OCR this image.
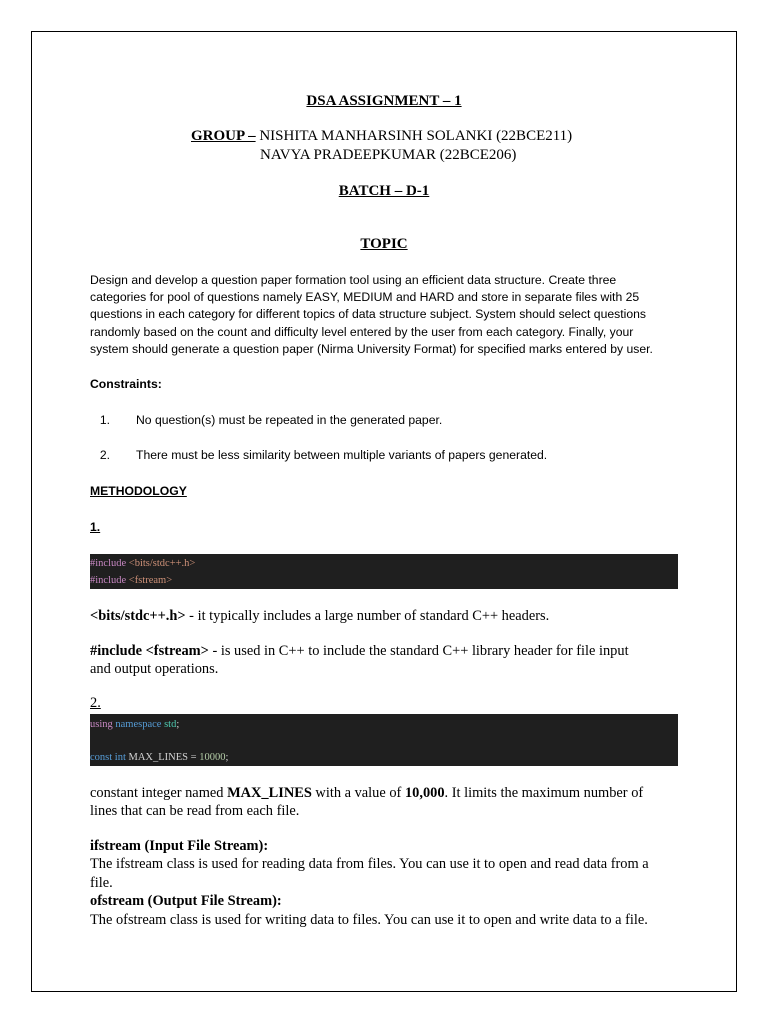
DSA ASSIGNMENT – 1
GROUP – NISHITA MANHARSINH SOLANKI (22BCE211)
NAVYA PRADEEPKUMAR (22BCE206)
BATCH – D-1
TOPIC
Design and develop a question paper formation tool using an efficient data structure. Create three
categories for pool of questions namely EASY, MEDIUM and HARD and store in separate files with 25
questions in each category for different topics of data structure subject. System should select questions
randomly based on the count and difficulty level entered by the user from each category. Finally, your
system should generate a question paper (Nirma University Format) for specified marks entered by user.
Constraints:
1. No question(s) must be repeated in the generated paper.
2. There must be less similarity between multiple variants of papers generated.
METHODOLOGY
1.
#include <bits/stdc++.h>
#include <fstream>
<bits/stdc++.h> - it typically includes a large number of standard C++ headers.
#include <fstream> - is used in C++ to include the standard C++ library header for file input
and output operations.
2.
using namespace std;
const int MAX_LINES = 10000;
constant integer named MAX_LINES with a value of 10,000. It limits the maximum number of
lines that can be read from each file.
ifstream (Input File Stream):
The ifstream class is used for reading data from files. You can use it to open and read data from a
file.
ofstream (Output File Stream):
The ofstream class is used for writing data to files. You can use it to open and write data to a file.
